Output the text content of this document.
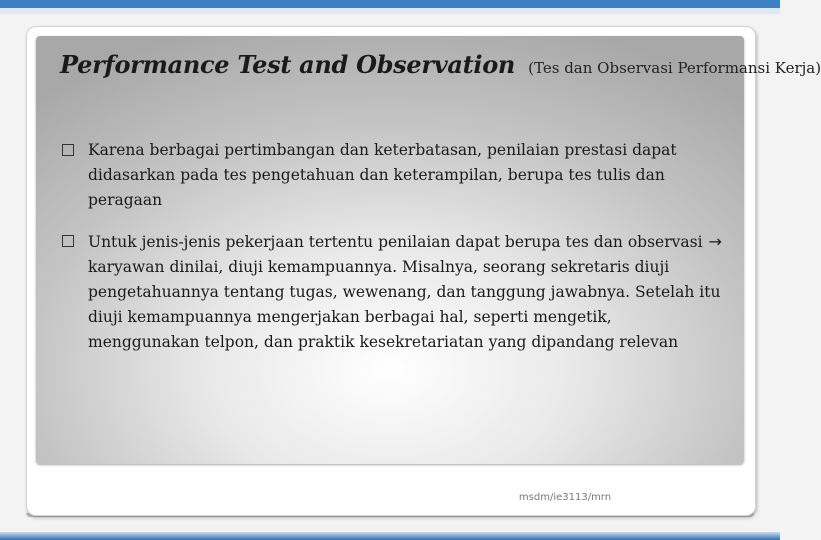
Performance Test and Observation (Tes dan Observasi Performansi Kerja)
Karena berbagai pertimbangan dan keterbatasan, penilaian prestasi dapat didasarkan pada tes pengetahuan dan keterampilan, berupa tes tulis dan peragaan
Untuk jenis-jenis pekerjaan tertentu penilaian dapat berupa tes dan observasi → karyawan dinilai, diuji kemampuannya. Misalnya, seorang sekretaris diuji pengetahuannya tentang tugas, wewenang, dan tanggung jawabnya. Setelah itu diuji kemampuannya mengerjakan berbagai hal, seperti mengetik, menggunakan telpon, dan praktik kesekretariatan yang dipandang relevan
msdm/ie3113/mrn
